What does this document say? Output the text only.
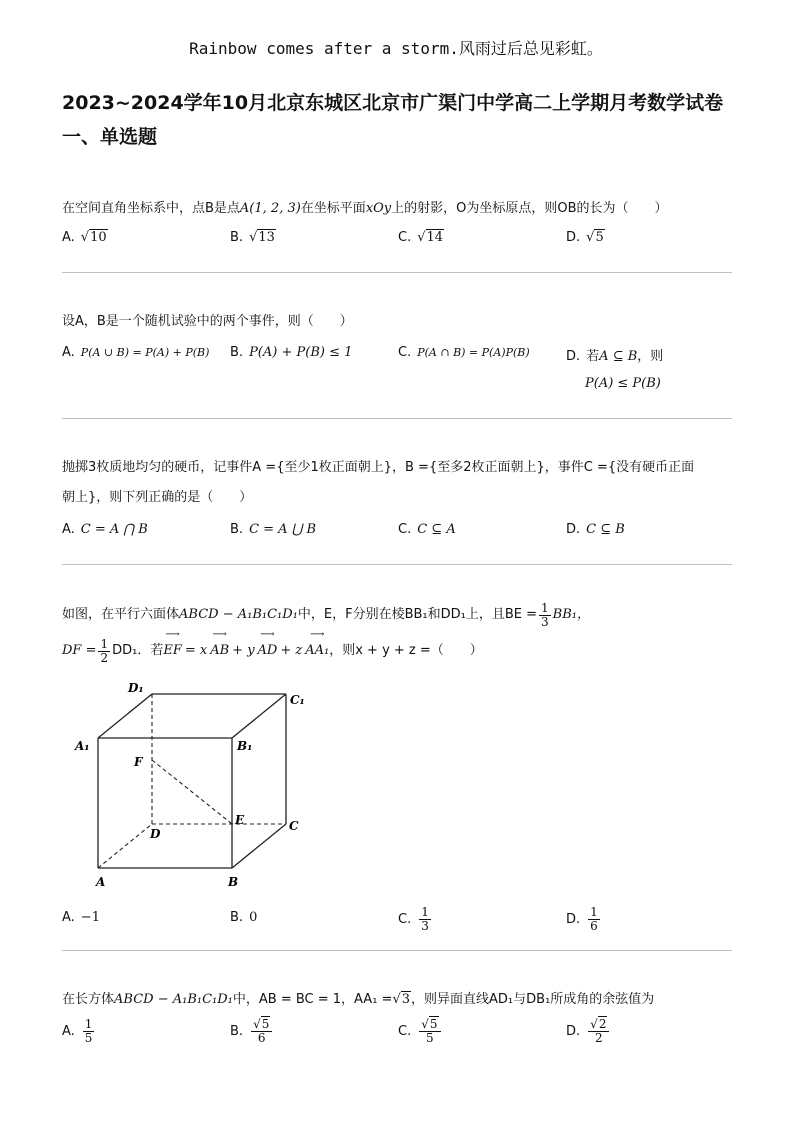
Rainbow comes after a storm.风雨过后总见彩虹。
2023~2024学年10月北京东城区北京市广渠门中学高二上学期月考数学试卷
一、单选题
在空间直角坐标系中，点B是点A(1, 2, 3)在坐标平面xOy上的射影，O为坐标原点，则OB的长为（　　）
A. √10	B. √13	C. √14	D. √5
设A，B是一个随机试验中的两个事件，则（　　）
A. P(A ∪ B) = P(A) + P(B) B. P(A) + P(B) ≤ 1	C. P(A ∩ B) = P(A)P(B)	D. 若A ⊆ B，则
P(A) ≤ P(B)
抛掷3枚质地均匀的硬币，记事件A ={至少1枚正面朝上}，B ={至多2枚正面朝上}，事件C ={没有硬币正面
朝上}，则下列正确的是（　　）
A. C = A ⋂ B	B. C = A ⋃ B	C. C ⊆ A	D. C ⊆ B
如图，在平行六面体 ABCD − A₁B₁C₁D₁ 中，E，F分别在棱BB₁和DD₁上，且BE = $\frac{1}{3} BB_1$，
DF = $\frac{1}{2} DD_1$．若 ⟶ EF = x ⟶ AB + y ⟶ AD + z ⟶ AA₁ ，则x + y + z =（　　）
D₁
C₁
A₁	B₁
F
E
D
C
A	B
A. −1	B. 0	C. $\frac{1}{3}$	D. $\frac{1}{6}$
在长方体ABCD − A₁B₁C₁D₁中，AB = BC = 1，AA₁ =√3，则异面直线AD₁与DB₁所成角的余弦值为
A. $\frac{1}{5}$	B. $\frac{√5}{6}$	C. $\frac{√5}{5}$	D. $\frac{√2}{2}$
